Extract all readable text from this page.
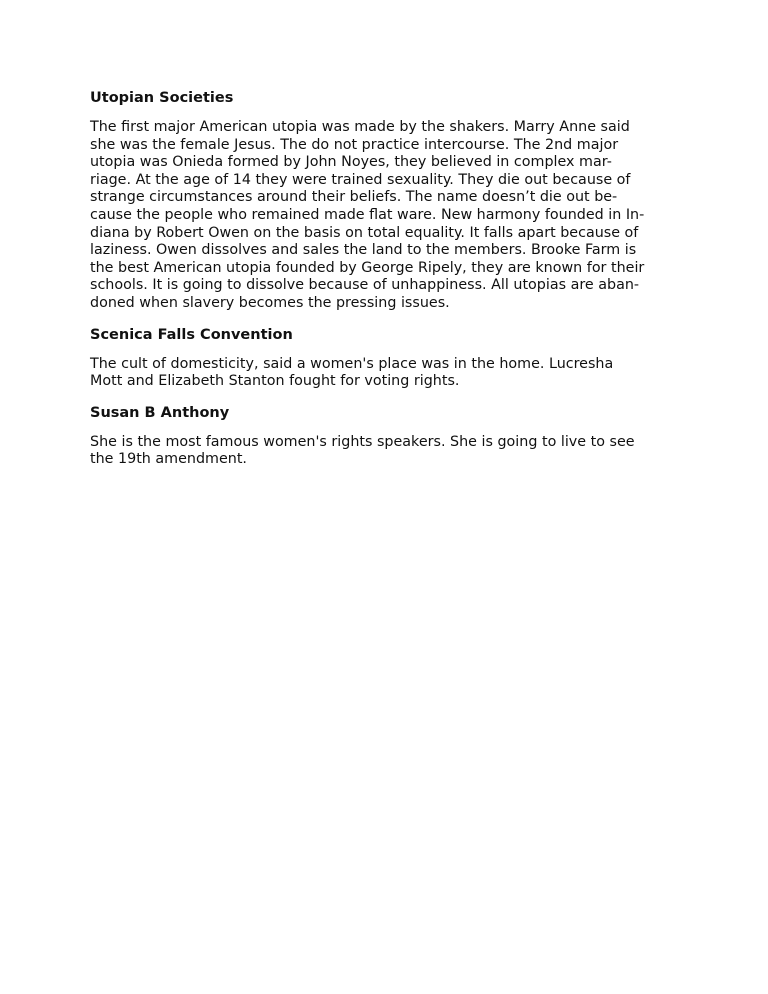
Utopian Societies
The first major American utopia was made by the shakers. Marry Anne said
she was the female Jesus. The do not practice intercourse. The 2nd major
utopia was Onieda formed by John Noyes, they believed in complex mar-
riage. At the age of 14 they were trained sexuality. They die out because of
strange circumstances around their beliefs. The name doesn’t die out be-
cause the people who remained made flat ware. New harmony founded in In-
diana by Robert Owen on the basis on total equality. It falls apart because of
laziness. Owen dissolves and sales the land to the members. Brooke Farm is
the best American utopia founded by George Ripely, they are known for their
schools. It is going to dissolve because of unhappiness. All utopias are aban-
doned when slavery becomes the pressing issues.
Scenica Falls Convention
The cult of domesticity, said a women's place was in the home. Lucresha
Mott and Elizabeth Stanton fought for voting rights.
Susan B Anthony
She is the most famous women's rights speakers. She is going to live to see
the 19th amendment.
